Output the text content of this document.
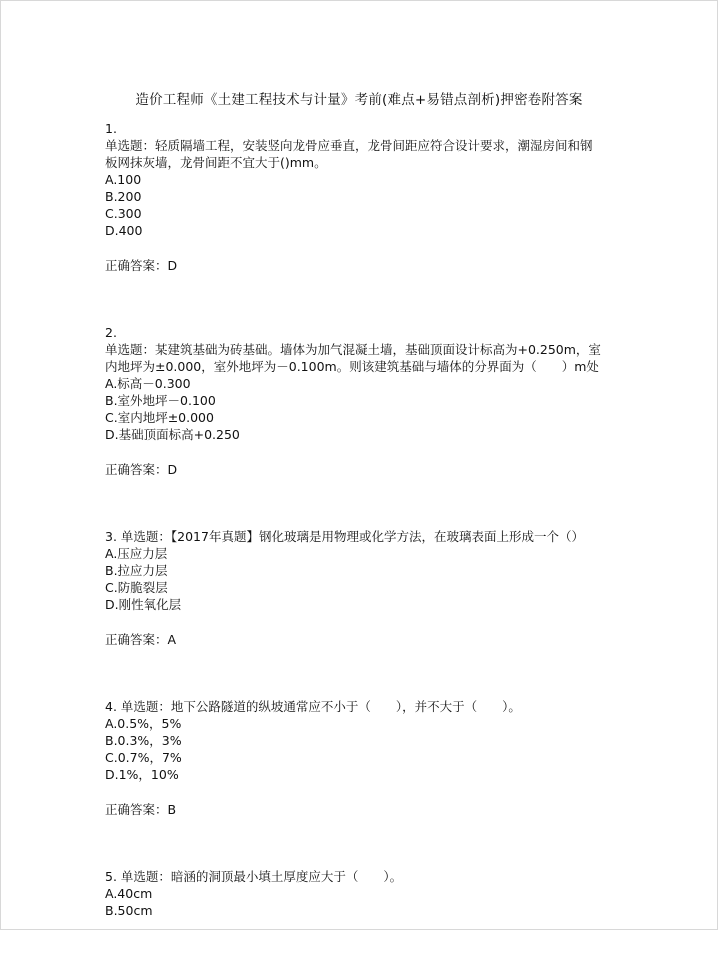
造价工程师《土建工程技术与计量》考前(难点+易错点剖析)押密卷附答案
1.
单选题：轻质隔墙工程，安装竖向龙骨应垂直，龙骨间距应符合设计要求，潮湿房间和钢
板网抹灰墙，龙骨间距不宜大于()mm。
A.100
B.200
C.300
D.400
正确答案：D
2.
单选题：某建筑基础为砖基础。墙体为加气混凝土墙，基础顶面设计标高为+0.250m，室
内地坪为±0.000，室外地坪为－0.100m。则该建筑基础与墙体的分界面为（　　）m处
A.标高－0.300
B.室外地坪－0.100
C.室内地坪±0.000
D.基础顶面标高+0.250
正确答案：D
3. 单选题：【2017年真题】钢化玻璃是用物理或化学方法，在玻璃表面上形成一个（）
A.压应力层
B.拉应力层
C.防脆裂层
D.刚性氧化层
正确答案：A
4. 单选题：地下公路隧道的纵坡通常应不小于（　　），并不大于（　　）。
A.0.5%，5%
B.0.3%，3%
C.0.7%，7%
D.1%，10%
正确答案：B
5. 单选题：暗涵的洞顶最小填土厚度应大于（　　）。
A.40cm
B.50cm
